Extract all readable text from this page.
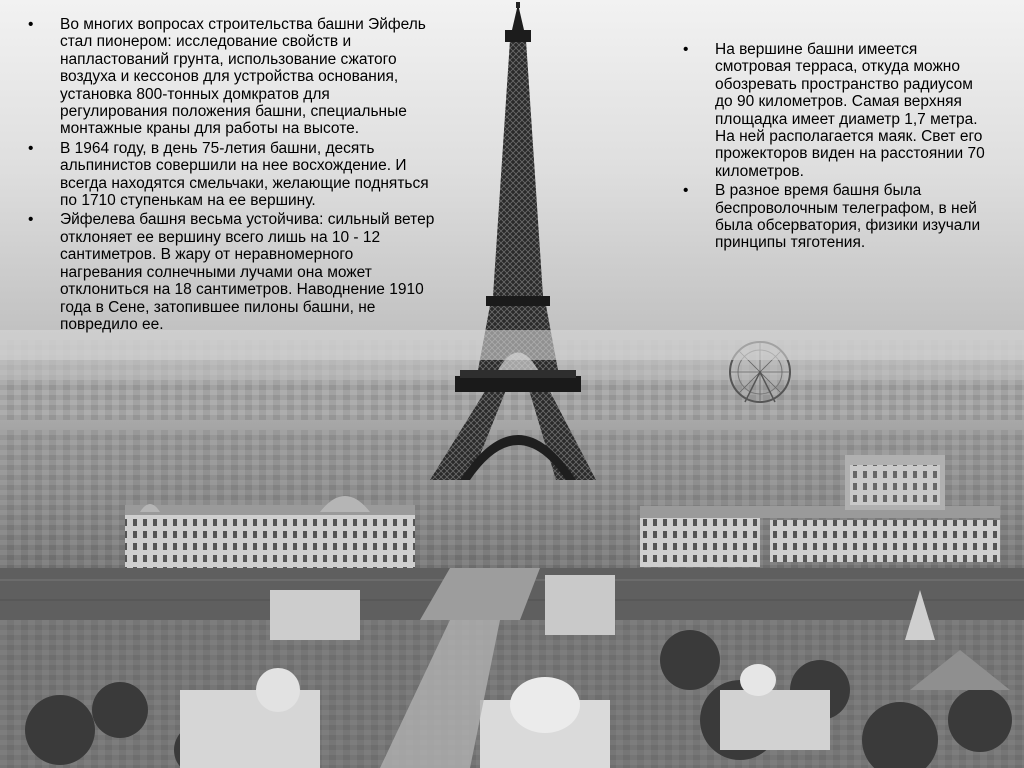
•	Во многих вопросах строительства башни Эйфель стал пионером: исследование свойств и напластований грунта, использование сжатого воздуха и кессонов для устройства основания, установка 800-тонных домкратов для регулирования положения башни, специальные монтажные краны для работы на высоте.
•	В 1964 году, в день 75-летия башни, десять альпинистов совершили на нее восхождение. И всегда находятся смельчаки, желающие подняться по 1710 ступенькам на ее вершину.
•	Эйфелева башня весьма устойчива: сильный ветер отклоняет ее вершину всего лишь на 10 - 12 сантиметров. В жару от неравномерного нагревания солнечными лучами она может отклониться на 18 сантиметров. Наводнение 1910 года в Сене, затопившее пилоны башни, не повредило ее.
•	На вершине башни имеется смотровая терраса, откуда можно обозревать пространство радиусом до 90 километров. Самая верхняя площадка имеет диаметр 1,7 метра. На ней располагается маяк. Свет его прожекторов виден на расстоянии 70 километров.
•	В разное время башня была беспроволочным телеграфом, в ней была обсерватория, физики изучали принципы тяготения.
